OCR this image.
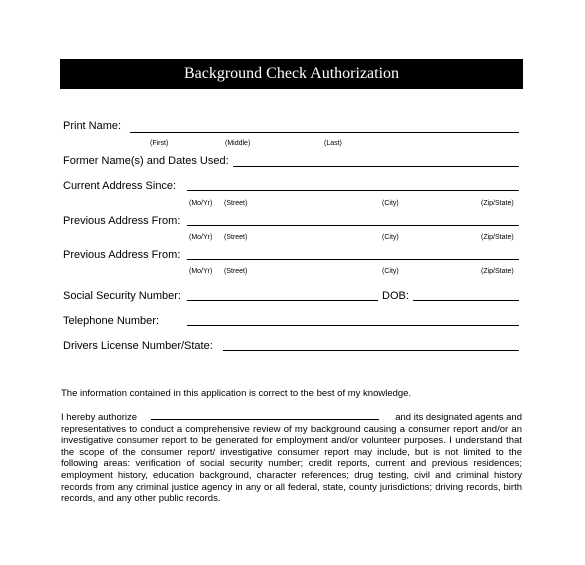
Background Check Authorization
Print Name:
(First)	(Middle)	(Last)
Former Name(s) and Dates Used:
Current Address Since:
(Mo/Yr) (Street)	(City)	(Zip/State)
Previous Address From:
(Mo/Yr) (Street)	(City)	(Zip/State)
Previous Address From:
(Mo/Yr) (Street)	(City)	(Zip/State)
Social Security Number:	DOB:
Telephone Number:
Drivers License Number/State:
The information contained in this application is correct to the best of my knowledge.
I hereby authorize	and its designated agents and
representatives to conduct a comprehensive review of my background causing a consumer report and/or an investigative consumer report to be generated for employment and/or volunteer purposes. I understand that the scope of the consumer report/ investigative consumer report may include, but is not limited to the following areas: verification of social security number; credit reports, current and previous residences; employment history, education background, character references; drug testing, civil and criminal history records from any criminal justice agency in any or all federal, state, county jurisdictions; driving records, birth records, and any other public records.
